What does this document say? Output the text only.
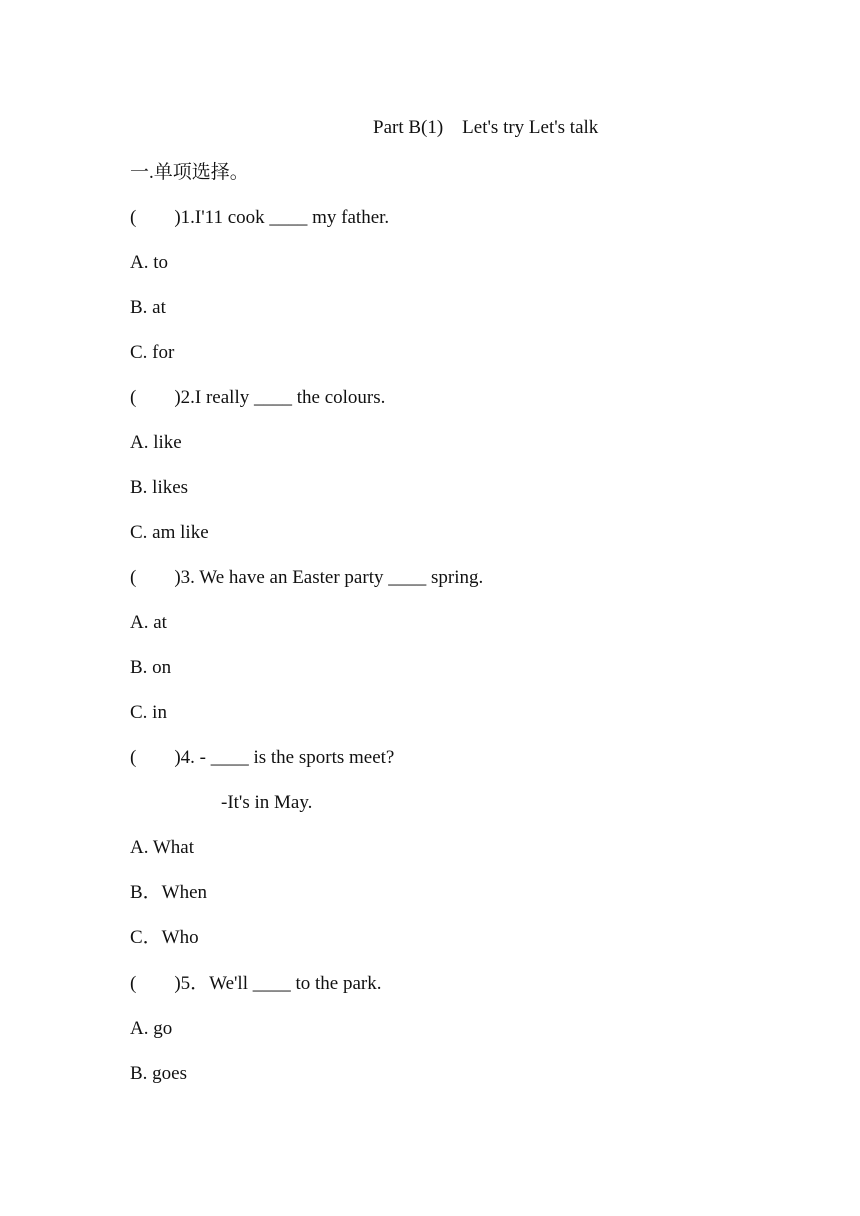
Part B(1)    Let's try Let's talk
一.单项选择。
(        )1.I'11 cook ____ my father.
A. to
B. at
C. for
(        )2.I really ____ the colours.
A. like
B. likes
C. am like
(        )3. We have an Easter party ____ spring.
A. at
B. on
C. in
(        )4. - ____ is the sports meet?
-It's in May.
A. What
B．When
C．Who
(        )5．We'll ____ to the park.
A. go
B. goes
